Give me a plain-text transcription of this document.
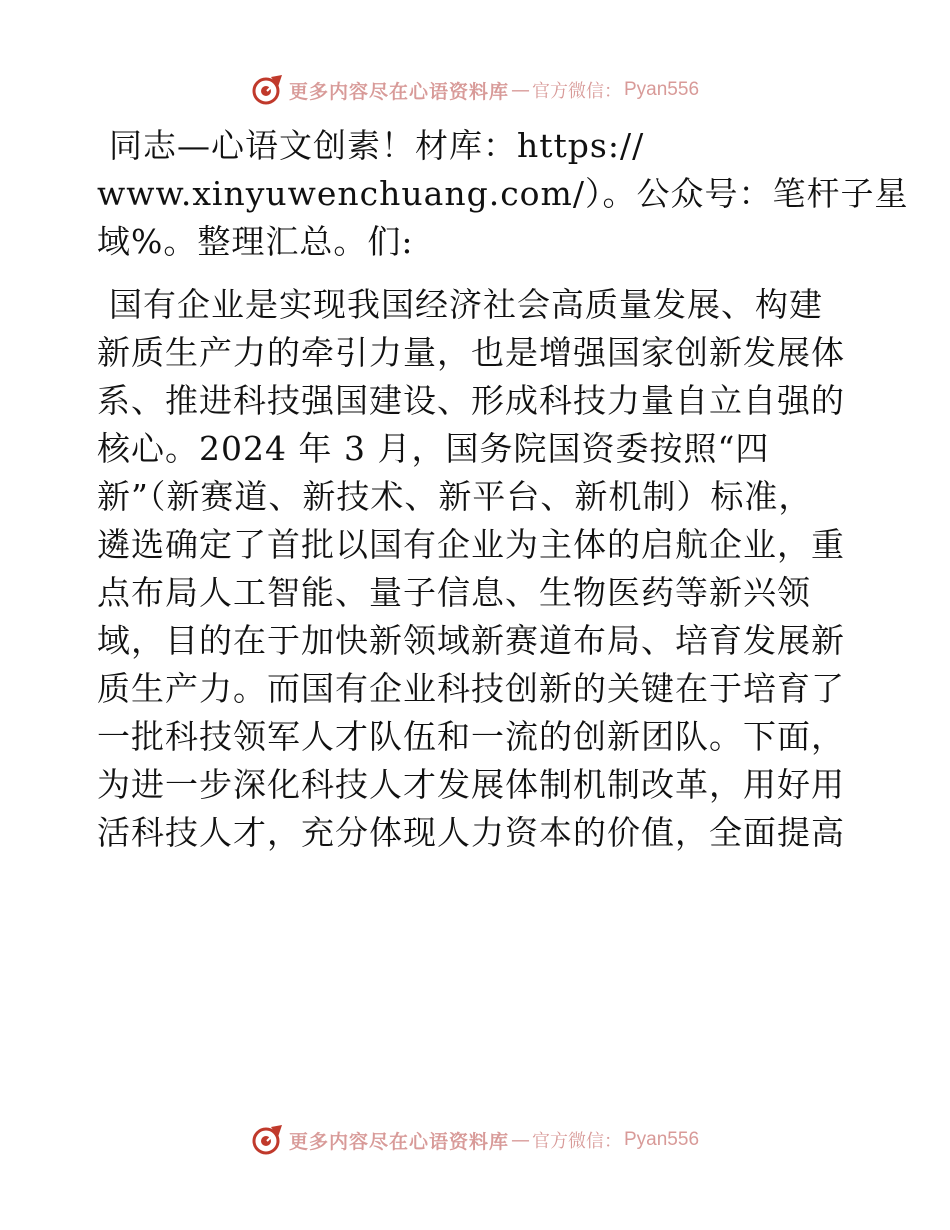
更多内容尽在心语资料库 — 官方微信： Pyan556
同志—心语文创素！材库：https://
www.xinyuwenchuang.com/）。公众号：笔杆子星
域%。整理汇总。们:
国有企业是实现我国经济社会高质量发展、构建
新质生产力的牵引力量，也是增强国家创新发展体
系、推进科技强国建设、形成科技力量自立自强的
核心。2024 年 3 月，国务院国资委按照“四
新”（新赛道、新技术、新平台、新机制）标准，
遴选确定了首批以国有企业为主体的启航企业，重
点布局人工智能、量子信息、生物医药等新兴领
域，目的在于加快新领域新赛道布局、培育发展新
质生产力。而国有企业科技创新的关键在于培育了
一批科技领军人才队伍和一流的创新团队。下面，
为进一步深化科技人才发展体制机制改革，用好用
活科技人才，充分体现人力资本的价值，全面提高
更多内容尽在心语资料库 — 官方微信： Pyan556
